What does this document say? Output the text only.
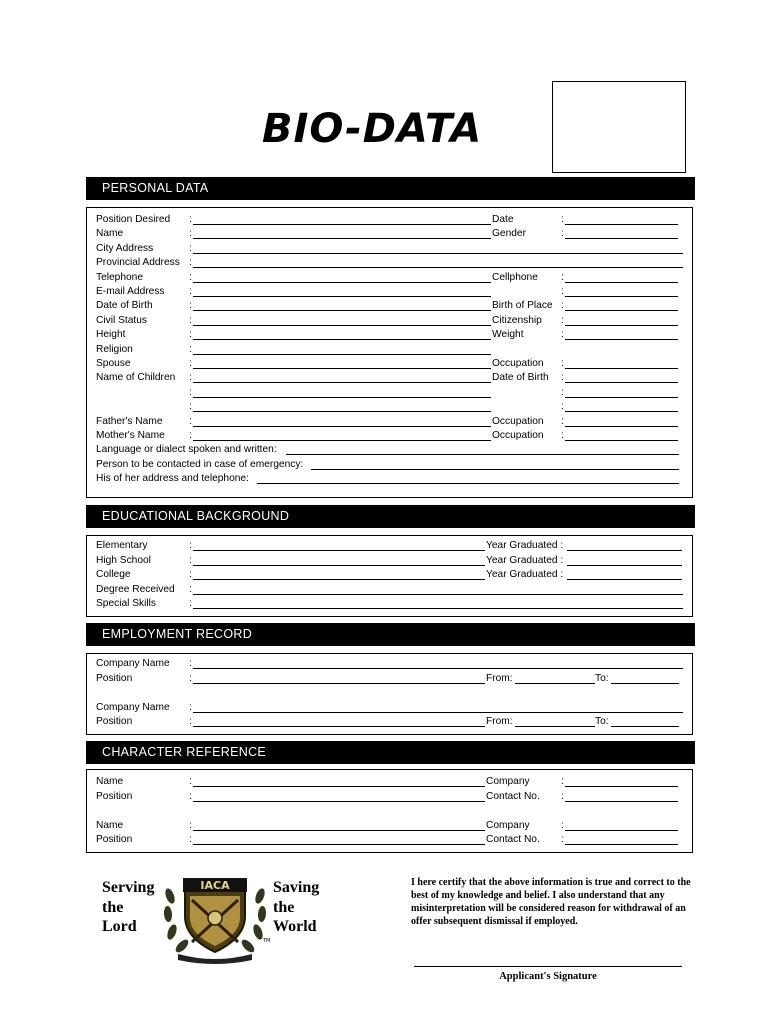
BIO-DATA
PERSONAL DATA
Position Desired :	Date	:
Name	:	Gender	:
City Address	:
Provincial Address :
Telephone	:	Cellphone :
E-mail Address :	:
Date of Birth	:	Birth of Place :
Civil Status	:	Citizenship :
Height	:	Weight	:
Religion	:
Spouse	:	Occupation :
Name of Children :	Date of Birth :
:	:
:	:
Father's Name	:	Occupation :
Mother's Name :	Occupation :
Language or dialect spoken and written:
Person to be contacted in case of emergency:
His of her address and telephone:
EDUCATIONAL BACKGROUND
Elementary	:	Year Graduated :
High School	:	Year Graduated :
College	:	Year Graduated :
Degree Received :
Special Skills	:
EMPLOYMENT RECORD
Company Name :
Position	:	From:	To:
Company Name :
Position	:	From:	To:
CHARACTER REFERENCE
Name	:	Company	:
Position	:	Contact No. :
Name	:	Company	:
Position	:	Contact No. :
Serving
the
Lord
IACA
TM
Saving
the
World
I here certify that the above information is true and correct to the best of my knowledge and belief. I also understand that any misinterpretation will be considered reason for withdrawal of an offer subsequent dismissal if employed.
Applicant's Signature
